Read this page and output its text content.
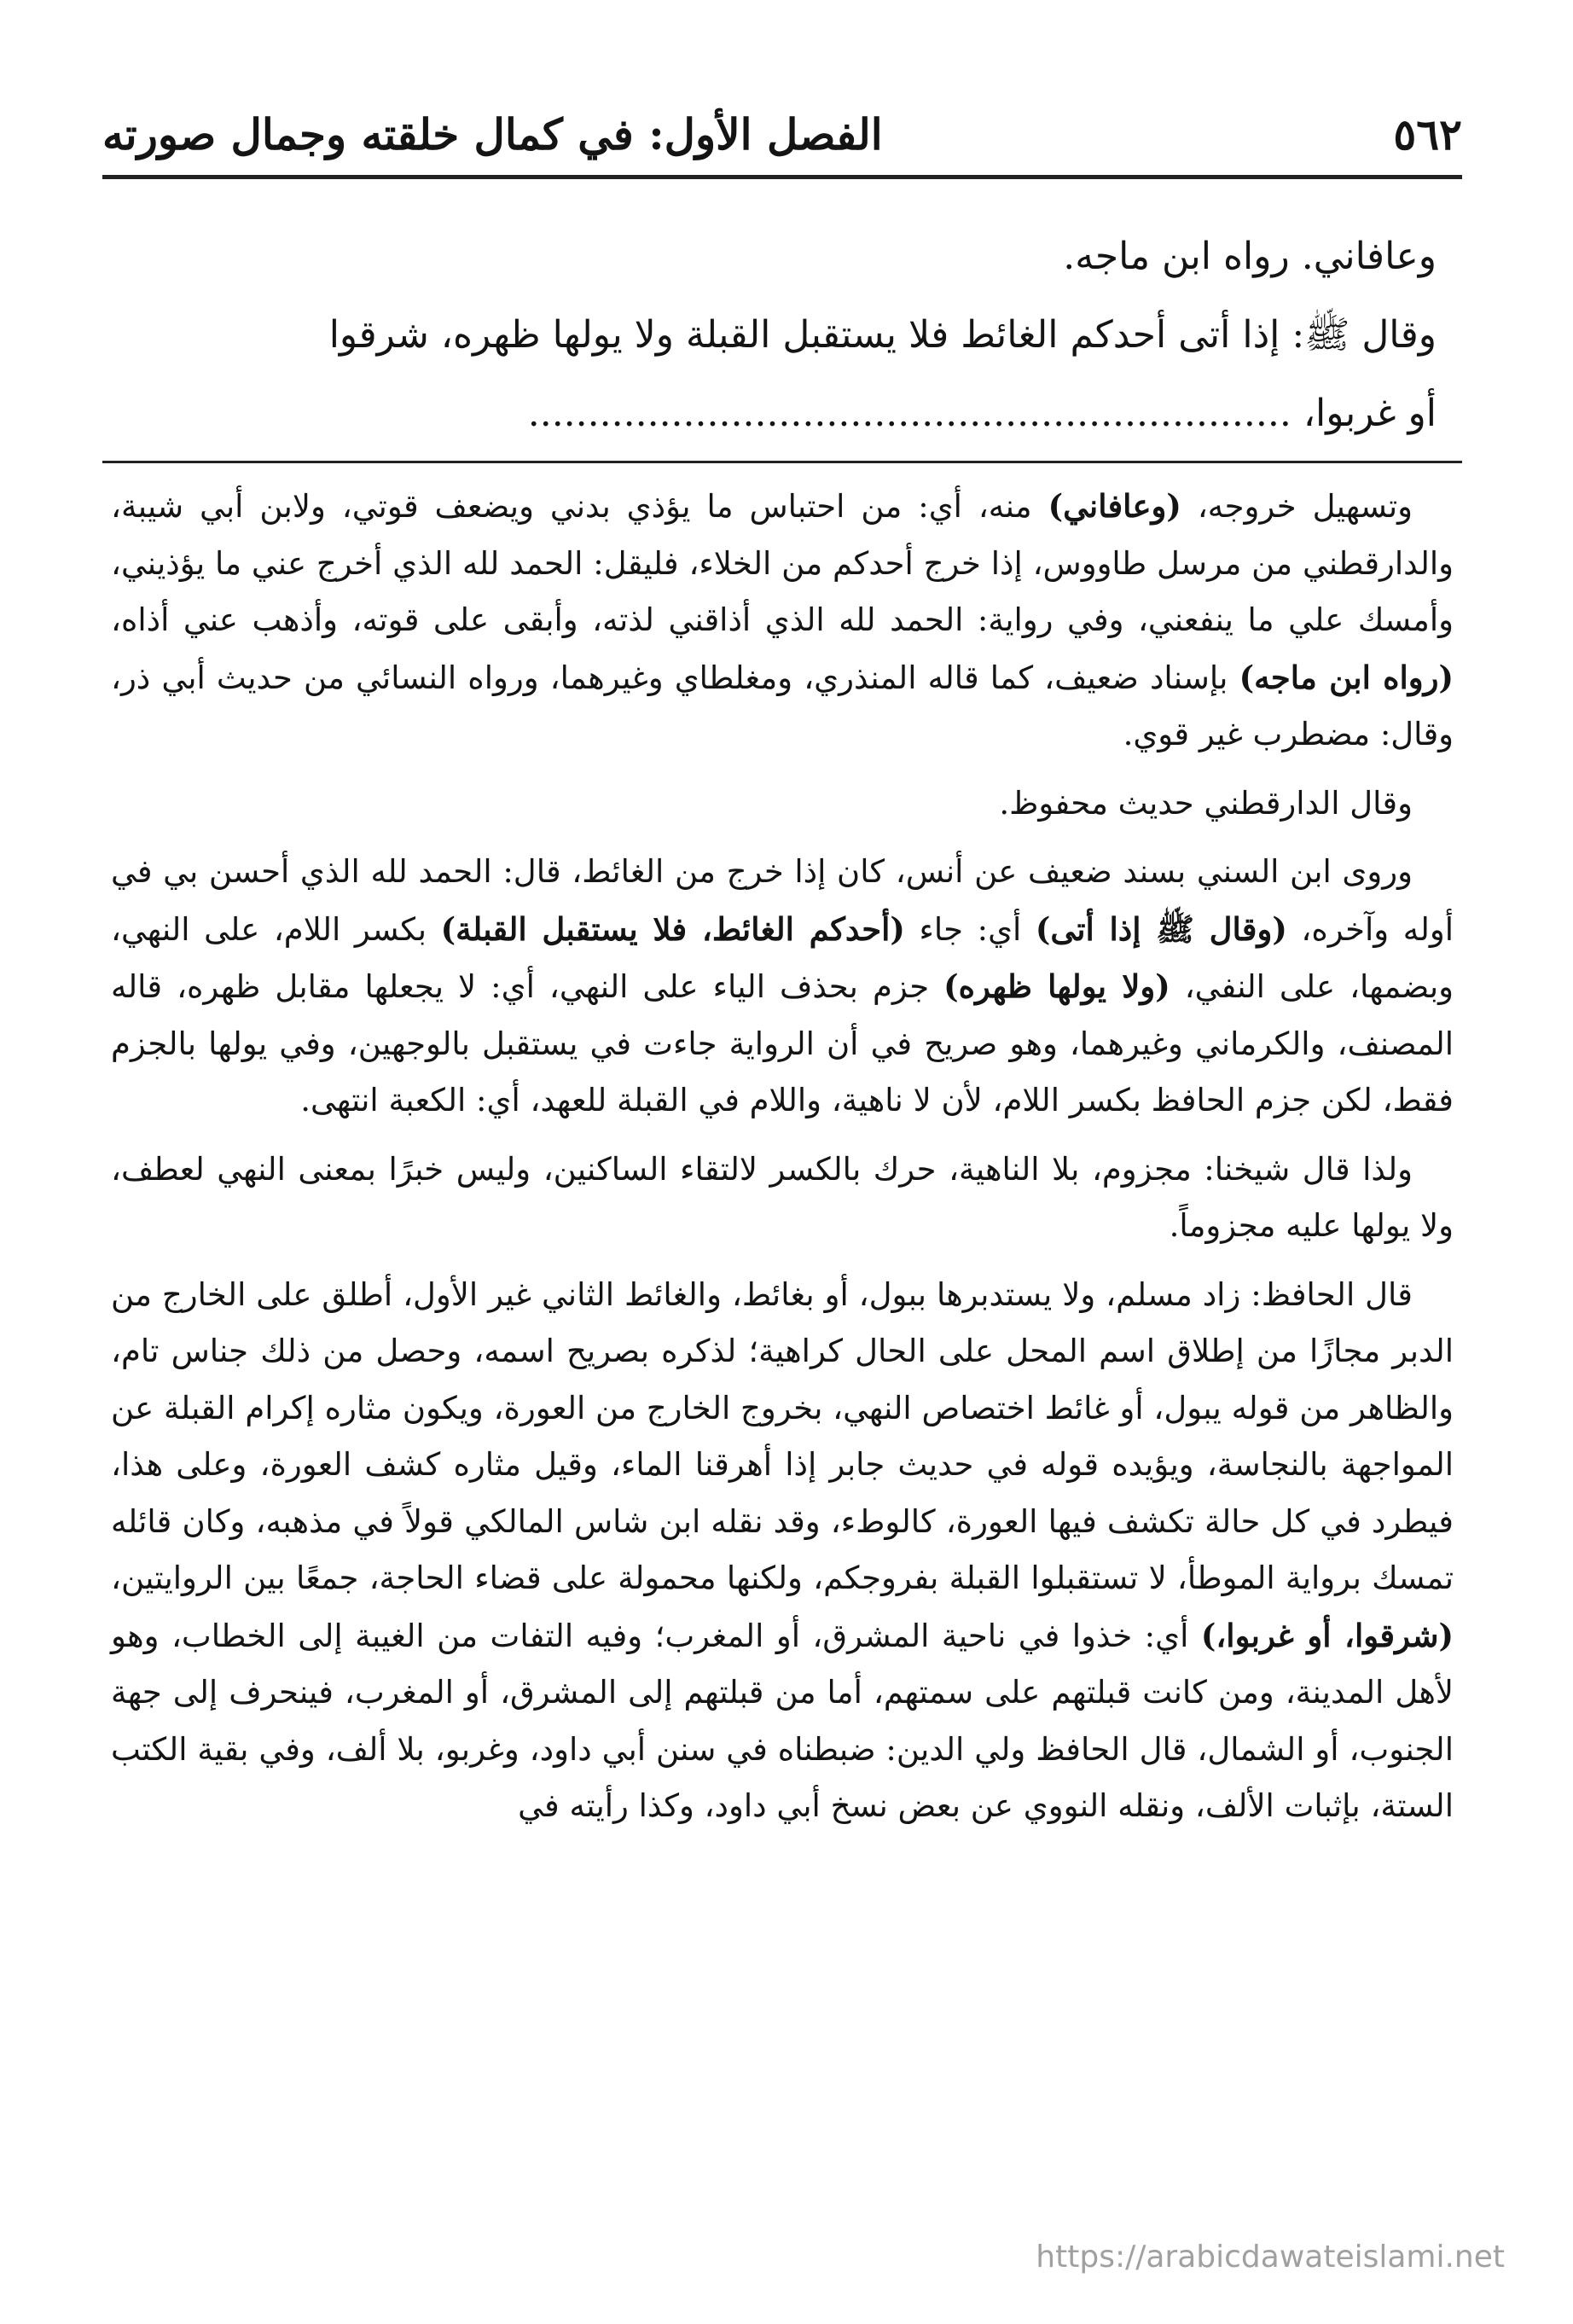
٥٦٢
الفصل الأول: في كمال خلقته وجمال صورته

وعافاني. رواه ابن ماجه.

وقال ﷺ: إذا أتى أحدكم الغائط فلا يستقبل القبلة ولا يولها ظهره، شرقوا

أو غربوا، ................................................................

وتسهيل خروجه، (وعافاني) منه، أي: من احتباس ما يؤذي بدني ويضعف قوتي، ولابن أبي شيبة، والدارقطني من مرسل طاووس، إذا خرج أحدكم من الخلاء، فليقل: الحمد لله الذي أخرج عني ما يؤذيني، وأمسك علي ما ينفعني، وفي رواية: الحمد لله الذي أذاقني لذته، وأبقى على قوته، وأذهب عني أذاه، (رواه ابن ماجه) بإسناد ضعيف، كما قاله المنذري، ومغلطاي وغيرهما، ورواه النسائي من حديث أبي ذر، وقال: مضطرب غير قوي.

وقال الدارقطني حديث محفوظ.

وروى ابن السني بسند ضعيف عن أنس، كان إذا خرج من الغائط، قال: الحمد لله الذي أحسن بي في أوله وآخره، (وقال ﷺ إذا أتى) أي: جاء (أحدكم الغائط، فلا يستقبل القبلة) بكسر اللام، على النهي، وبضمها، على النفي، (ولا يولها ظهره) جزم بحذف الياء على النهي، أي: لا يجعلها مقابل ظهره، قاله المصنف، والكرماني وغيرهما، وهو صريح في أن الرواية جاءت في يستقبل بالوجهين، وفي يولها بالجزم فقط، لكن جزم الحافظ بكسر اللام، لأن لا ناهية، واللام في القبلة للعهد، أي: الكعبة انتهى.

ولذا قال شيخنا: مجزوم، بلا الناهية، حرك بالكسر لالتقاء الساكنين، وليس خبرًا بمعنى النهي لعطف، ولا يولها عليه مجزوماً.

قال الحافظ: زاد مسلم، ولا يستدبرها ببول، أو بغائط، والغائط الثاني غير الأول، أطلق على الخارج من الدبر مجازًا من إطلاق اسم المحل على الحال كراهية؛ لذكره بصريح اسمه، وحصل من ذلك جناس تام، والظاهر من قوله يبول، أو غائط اختصاص النهي، بخروج الخارج من العورة، ويكون مثاره إكرام القبلة عن المواجهة بالنجاسة، ويؤيده قوله في حديث جابر إذا أهرقنا الماء، وقيل مثاره كشف العورة، وعلى هذا، فيطرد في كل حالة تكشف فيها العورة، كالوطء، وقد نقله ابن شاس المالكي قولاً في مذهبه، وكان قائله تمسك برواية الموطأ، لا تستقبلوا القبلة بفروجكم، ولكنها محمولة على قضاء الحاجة، جمعًا بين الروايتين، (شرقوا، أو غربوا،) أي: خذوا في ناحية المشرق، أو المغرب؛ وفيه التفات من الغيبة إلى الخطاب، وهو لأهل المدينة، ومن كانت قبلتهم على سمتهم، أما من قبلتهم إلى المشرق، أو المغرب، فينحرف إلى جهة الجنوب، أو الشمال، قال الحافظ ولي الدين: ضبطناه في سنن أبي داود، وغربو، بلا ألف، وفي بقية الكتب الستة، بإثبات الألف، ونقله النووي عن بعض نسخ أبي داود، وكذا رأيته في

https://arabicdawateislami.net
